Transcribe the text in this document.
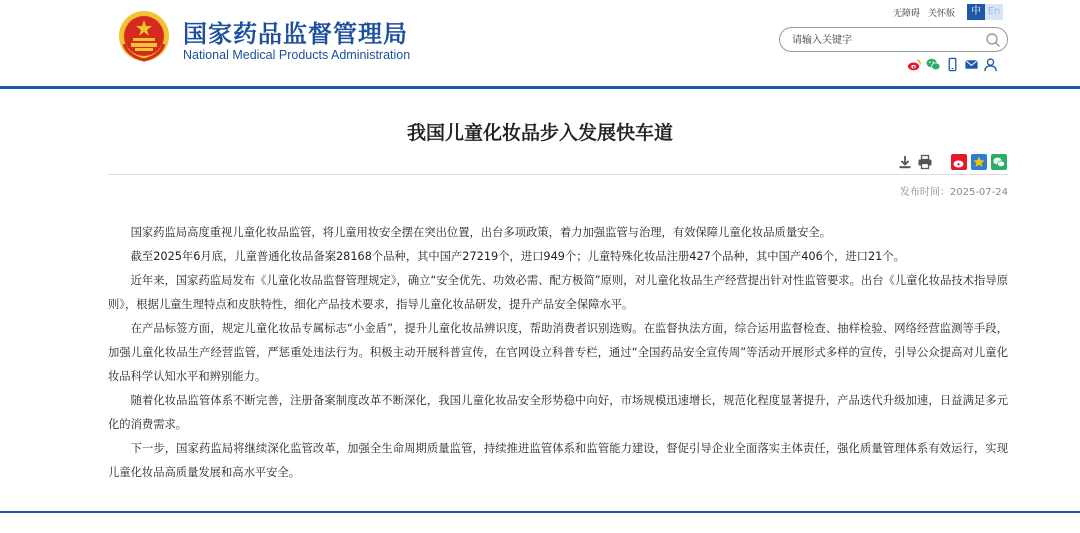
国家药品监督管理局
National Medical Products Administration
无障碍 关怀版	中 En
请输入关键字
我国儿童化妆品步入发展快车道
发布时间：2025-07-24

国家药监局高度重视儿童化妆品监管，将儿童用妆安全摆在突出位置，出台多项政策，着力加强监管与治理，有效保障儿童化妆品质量安全。

截至2025年6月底，儿童普通化妆品备案28168个品种，其中国产27219个，进口949个；儿童特殊化妆品注册427个品种，其中国产406个，进口21个。

近年来，国家药监局发布《儿童化妆品监督管理规定》，确立“安全优先、功效必需、配方极简”原则，对儿童化妆品生产经营提出针对性监管要求。出台《儿童化妆品技术指导原则》，根据儿童生理特点和皮肤特性，细化产品技术要求，指导儿童化妆品研发，提升产品安全保障水平。

在产品标签方面，规定儿童化妆品专属标志“小金盾”，提升儿童化妆品辨识度，帮助消费者识别选购。在监督执法方面，综合运用监督检查、抽样检验、网络经营监测等手段，加强儿童化妆品生产经营监管，严惩重处违法行为。积极主动开展科普宣传，在官网设立科普专栏，通过“全国药品安全宣传周”等活动开展形式多样的宣传，引导公众提高对儿童化妆品科学认知水平和辨别能力。

随着化妆品监管体系不断完善，注册备案制度改革不断深化，我国儿童化妆品安全形势稳中向好，市场规模迅速增长，规范化程度显著提升，产品迭代升级加速，日益满足多元化的消费需求。

下一步，国家药监局将继续深化监管改革，加强全生命周期质量监管，持续推进监管体系和监管能力建设，督促引导企业全面落实主体责任，强化质量管理体系有效运行，实现儿童化妆品高质量发展和高水平安全。
